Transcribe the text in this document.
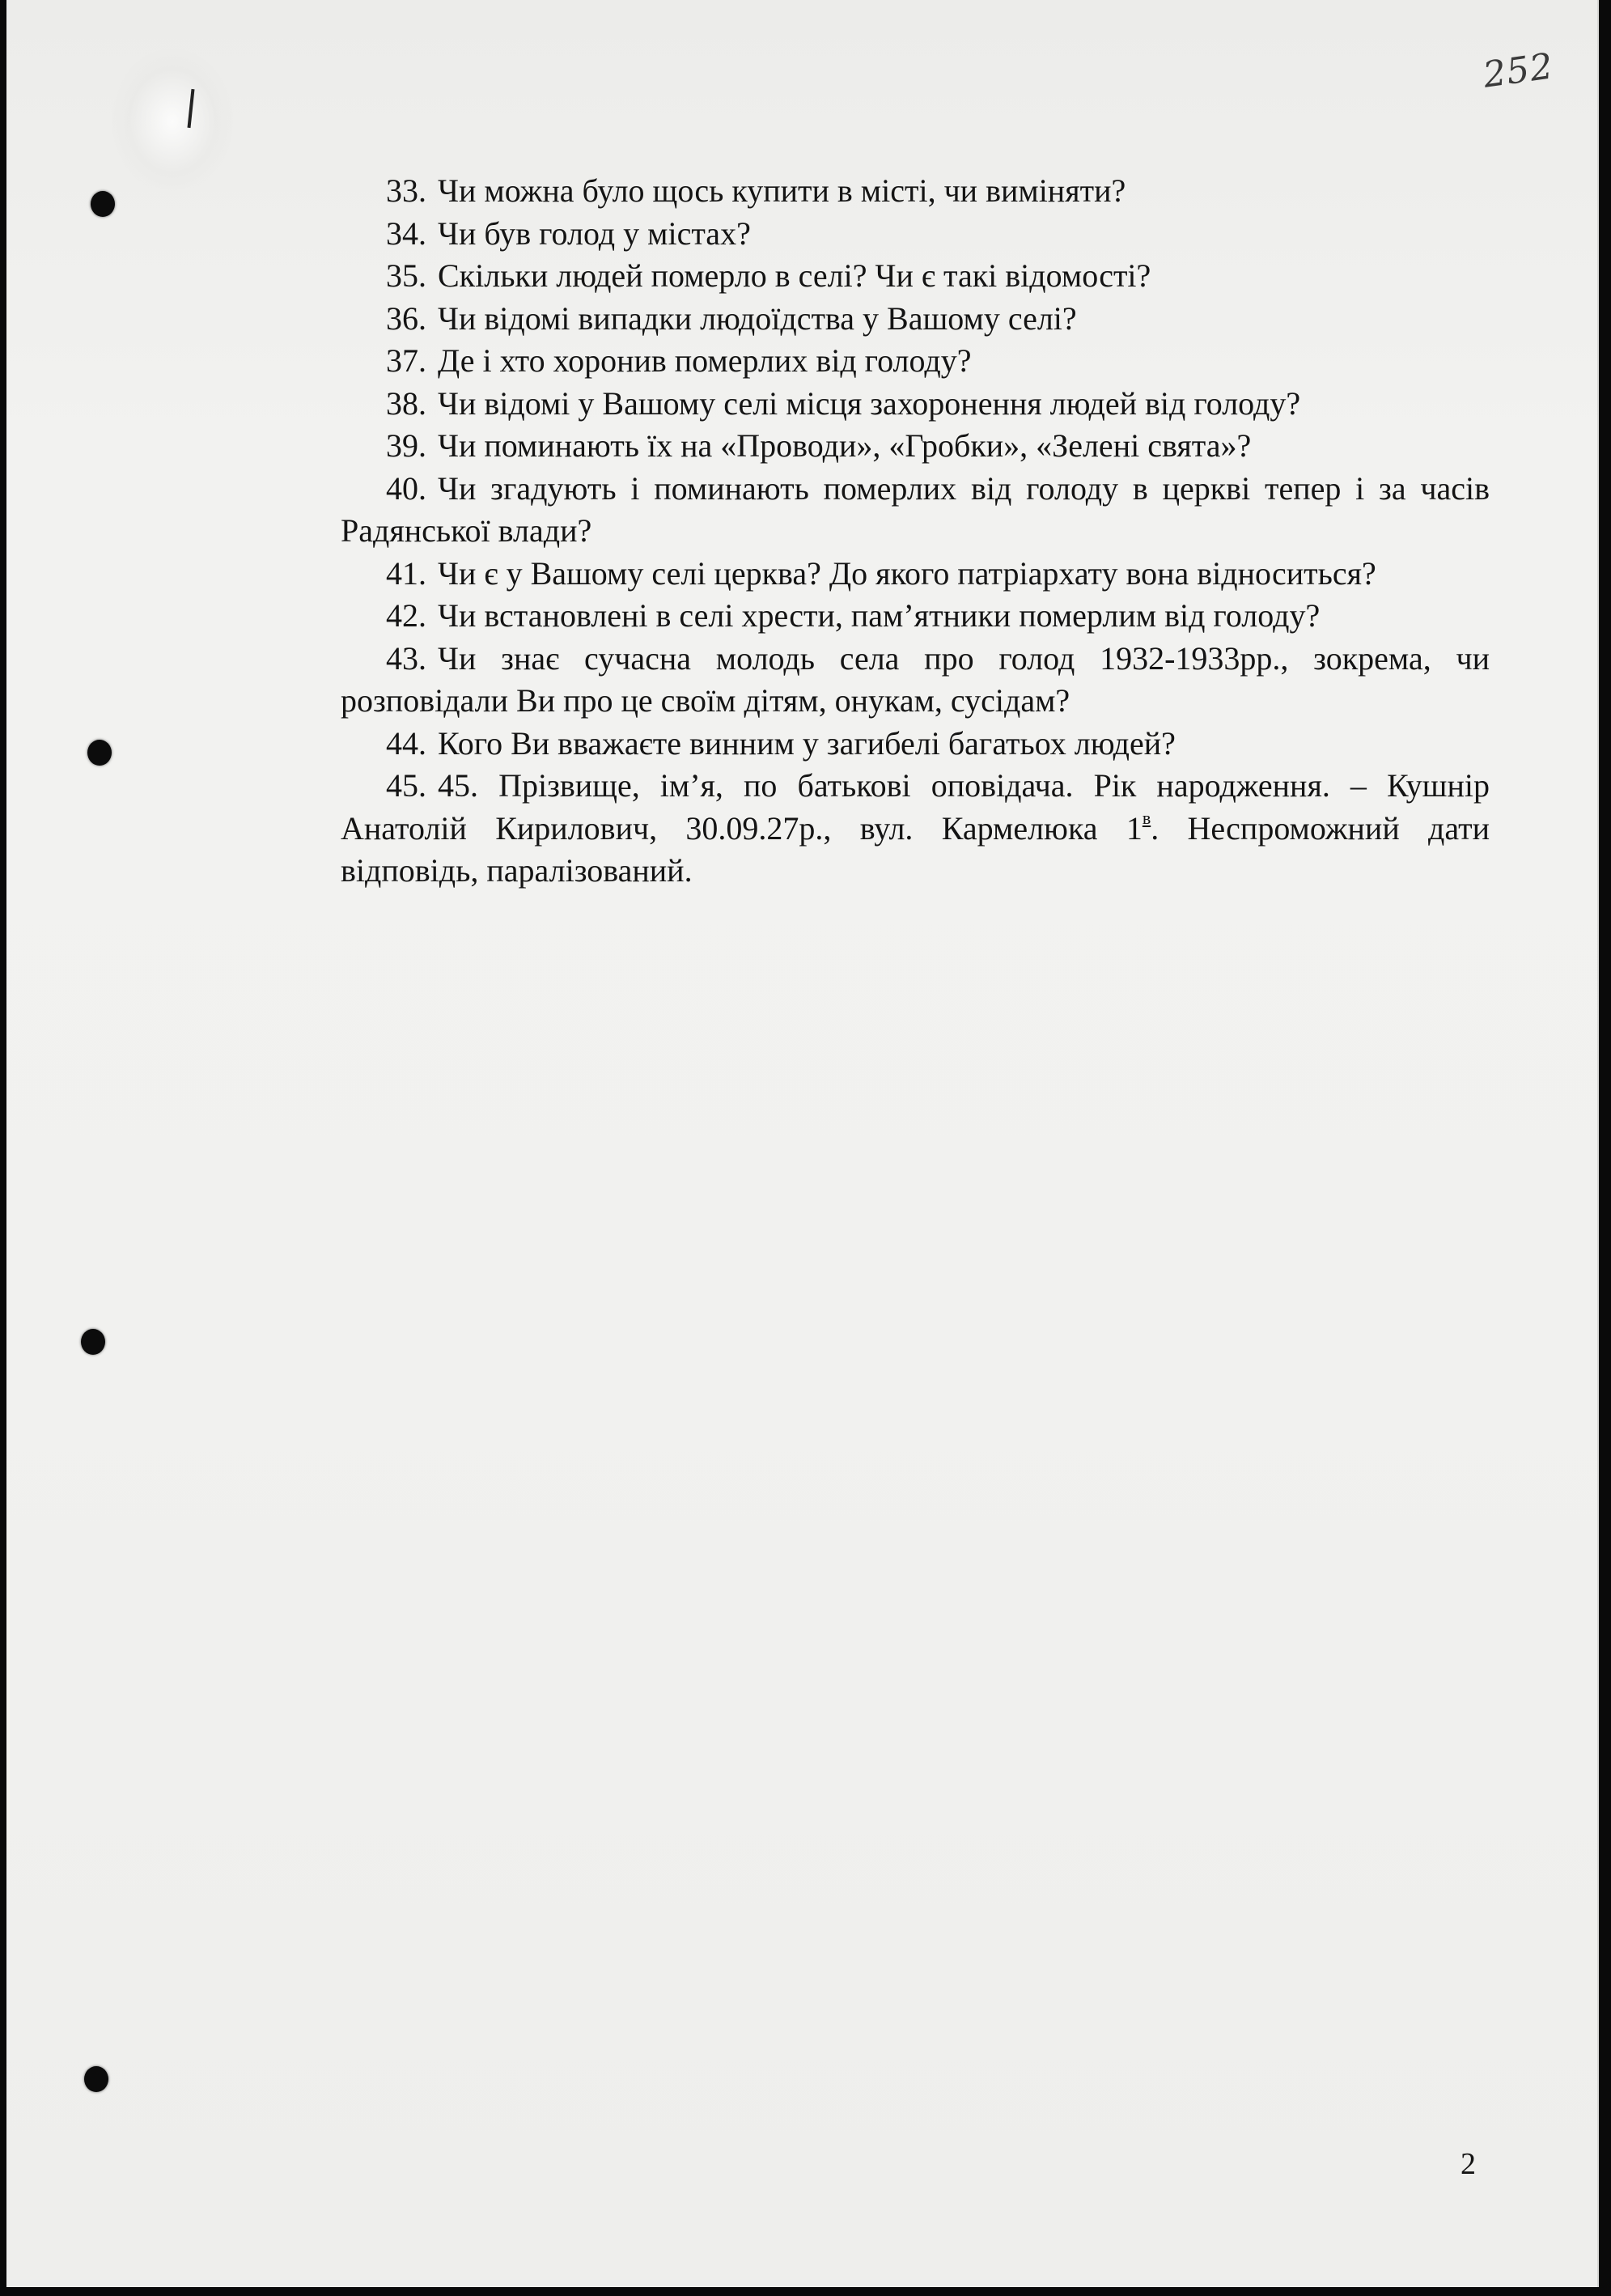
252

33. Чи можна було щось купити в місті, чи виміняти?

34. Чи був голод у містах?

35. Скільки людей померло в селі? Чи є такі відомості?

36. Чи відомі випадки людоїдства у Вашому селі?

37. Де і хто хоронив померлих від голоду?

38. Чи відомі у Вашому селі місця захоронення людей від голоду?

39. Чи поминають їх на «Проводи», «Гробки», «Зелені свята»?

40. Чи згадують і поминають померлих від голоду в церкві тепер і за часів Радянської влади?

41. Чи є у Вашому селі церква? До якого патріархату вона відноситься?

42. Чи встановлені в селі хрести, пам’ятники померлим від голоду?

43. Чи знає сучасна молодь села про голод 1932-1933рр., зокрема, чи розповідали Ви про це своїм дітям, онукам, сусідам?

44. Кого Ви вважаєте винним у загибелі багатьох людей?

45. 45. Прізвище, ім’я, по батькові оповідача. Рік народження. – Кушнір Анатолій Кирилович, 30.09.27р., вул. Кармелюка $1^в$. Неспроможний дати відповідь, паралізований.

2
